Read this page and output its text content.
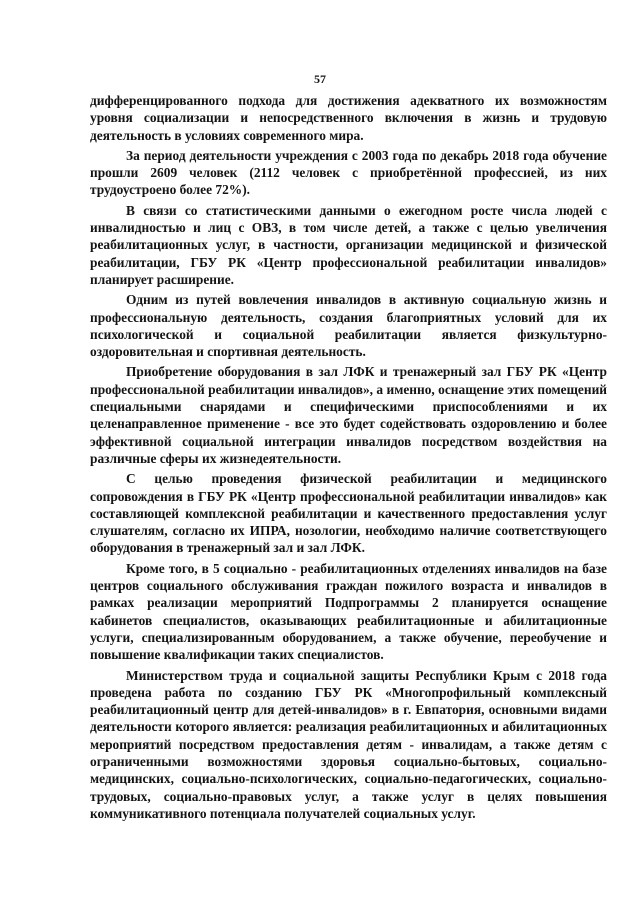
57

дифференцированного подхода для достижения адекватного их возможностям уровня социализации и непосредственного включения в жизнь и трудовую деятельность в условиях современного мира.

За период деятельности учреждения с 2003 года по декабрь 2018 года обучение прошли 2609 человек (2112 человек с приобретённой профессией, из них трудоустроено более 72%).

В связи со статистическими данными о ежегодном росте числа людей с инвалидностью и лиц с ОВЗ, в том числе детей, а также с целью увеличения реабилитационных услуг, в частности, организации медицинской и физической реабилитации, ГБУ РК «Центр профессиональной реабилитации инвалидов» планирует расширение.

Одним из путей вовлечения инвалидов в активную социальную жизнь и профессиональную деятельность, создания благоприятных условий для их психологической и социальной реабилитации является физкультурно-оздоровительная и спортивная деятельность.

Приобретение оборудования в зал ЛФК и тренажерный зал ГБУ РК «Центр профессиональной реабилитации инвалидов», а именно, оснащение этих помещений специальными снарядами и специфическими приспособлениями и их целенаправленное применение - все это будет содействовать оздоровлению и более эффективной социальной интеграции инвалидов посредством воздействия на различные сферы их жизнедеятельности.

С целью проведения физической реабилитации и медицинского сопровождения в ГБУ РК «Центр профессиональной реабилитации инвалидов» как составляющей комплексной реабилитации и качественного предоставления услуг слушателям, согласно их ИПРА, нозологии, необходимо наличие соответствующего оборудования в тренажерный зал и зал ЛФК.

Кроме того, в 5 социально - реабилитационных отделениях инвалидов на базе центров социального обслуживания граждан пожилого возраста и инвалидов в рамках реализации мероприятий Подпрограммы 2 планируется оснащение кабинетов специалистов, оказывающих реабилитационные и абилитационные услуги, специализированным оборудованием, а также обучение, переобучение и повышение квалификации таких специалистов.

Министерством труда и социальной защиты Республики Крым с 2018 года проведена работа по созданию ГБУ РК «Многопрофильный комплексный реабилитационный центр для детей-инвалидов» в г. Евпатория, основными видами деятельности которого является: реализация реабилитационных и абилитационных мероприятий посредством предоставления детям - инвалидам, а также детям с ограниченными возможностями здоровья социально-бытовых, социально-медицинских, социально-психологических, социально-педагогических, социально-трудовых, социально-правовых услуг, а также услуг в целях повышения коммуникативного потенциала получателей социальных услуг.
